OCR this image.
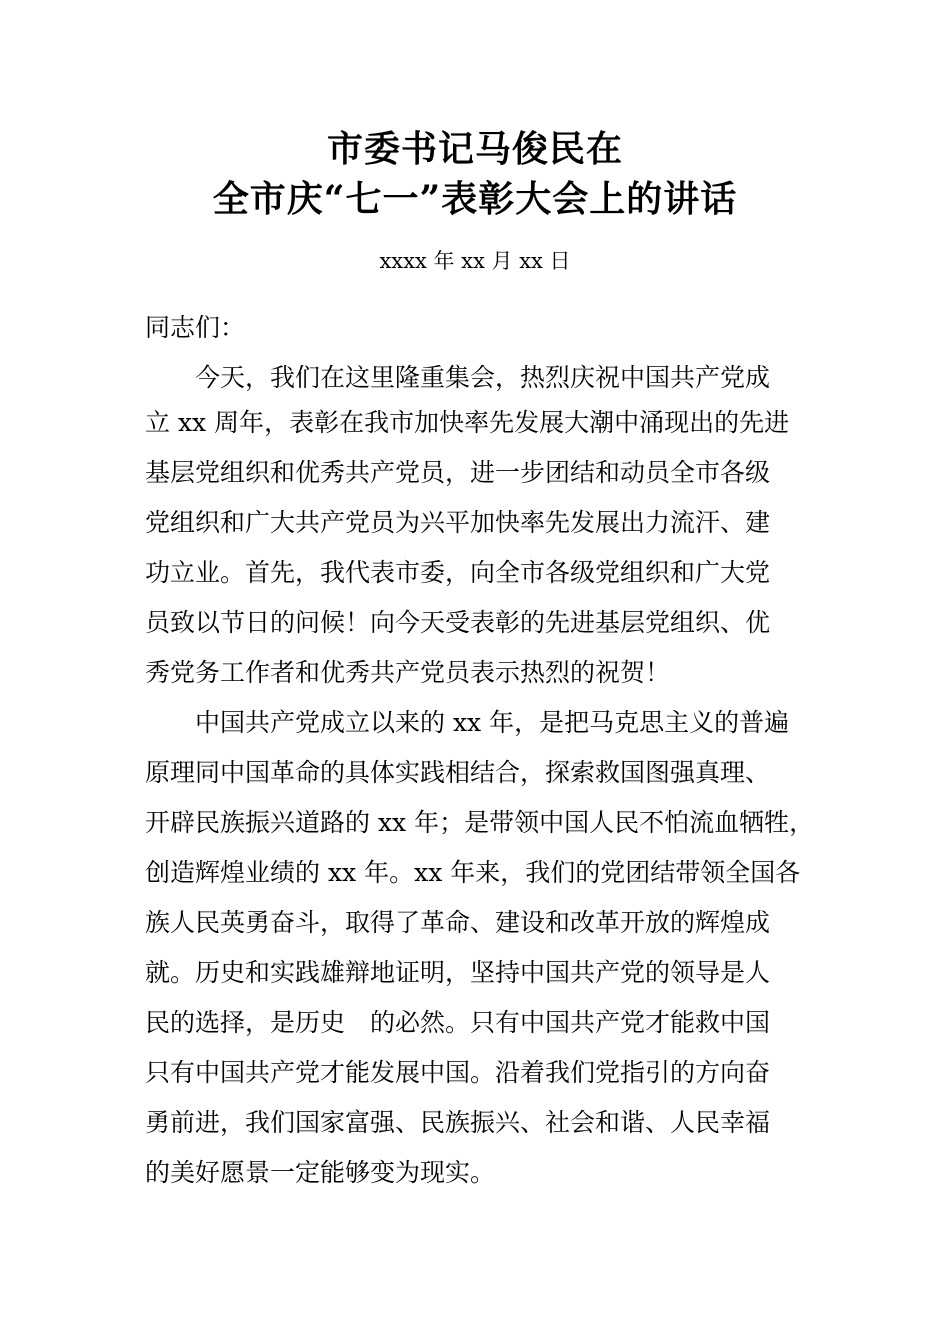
市委书记马俊民在
全市庆“七一”表彰大会上的讲话
xxxx 年 xx 月 xx 日
同志们：
今天，我们在这里隆重集会，热烈庆祝中国共产党成
立 xx 周年，表彰在我市加快率先发展大潮中涌现出的先进
基层党组织和优秀共产党员，进一步团结和动员全市各级
党组织和广大共产党员为兴平加快率先发展出力流汗、建
功立业。首先，我代表市委，向全市各级党组织和广大党
员致以节日的问候！向今天受表彰的先进基层党组织、优
秀党务工作者和优秀共产党员表示热烈的祝贺！
中国共产党成立以来的 xx 年，是把马克思主义的普遍
原理同中国革命的具体实践相结合，探索救国图强真理、
开辟民族振兴道路的 xx 年；是带领中国人民不怕流血牺牲，
创造辉煌业绩的 xx 年。xx 年来，我们的党团结带领全国各
族人民英勇奋斗，取得了革命、建设和改革开放的辉煌成
就。历史和实践雄辩地证明，坚持中国共产党的领导是人
民的选择，是历史　的必然。只有中国共产党才能救中国
只有中国共产党才能发展中国。沿着我们党指引的方向奋
勇前进，我们国家富强、民族振兴、社会和谐、人民幸福
的美好愿景一定能够变为现实。
